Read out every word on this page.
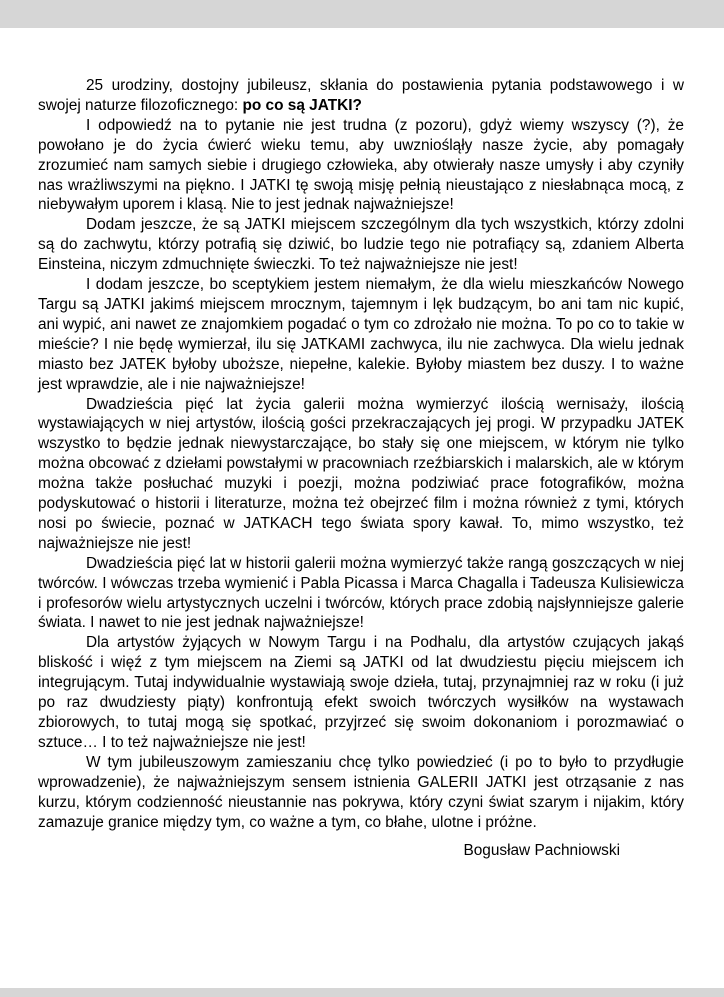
25 urodziny, dostojny jubileusz, skłania do postawienia pytania podstawowego i w swojej naturze filozoficznego: po co są JATKI?

I odpowiedź na to pytanie nie jest trudna (z pozoru), gdyż wiemy wszyscy (?), że powołano je do życia ćwierć wieku temu, aby uwzniośląły nasze życie, aby pomagały zrozumieć nam samych siebie i drugiego człowieka, aby otwierały nasze umysły i aby czyniły nas wrażliwszymi na piękno. I JATKI tę swoją misję pełnią nieustająco z niesłabnąca mocą, z niebywałym uporem i klasą. Nie to jest jednak najważniejsze!

Dodam jeszcze, że są JATKI miejscem szczególnym dla tych wszystkich, którzy zdolni są do zachwytu, którzy potrafią się dziwić, bo ludzie tego nie potrafiący są, zdaniem Alberta Einsteina, niczym zdmuchnięte świeczki. To też najważniejsze nie jest!

I dodam jeszcze, bo sceptykiem jestem niemałym, że dla wielu mieszkańców Nowego Targu są JATKI jakimś miejscem mrocznym, tajemnym i lęk budzącym, bo ani tam nic kupić, ani wypić, ani nawet ze znajomkiem pogadać o tym co zdrożało nie można. To po co to takie w mieście? I nie będę wymierzał, ilu się JATKAMI zachwyca, ilu nie zachwyca. Dla wielu jednak miasto bez JATEK byłoby uboższe, niepełne, kalekie. Byłoby miastem bez duszy. I to ważne jest wprawdzie, ale i nie najważniejsze!

Dwadzieścia pięć lat życia galerii można wymierzyć ilością wernisaży, ilością wystawiających w niej artystów, ilością gości przekraczających jej progi. W przypadku JATEK wszystko to będzie jednak niewystarczające, bo stały się one miejscem, w którym nie tylko można obcować z dziełami powstałymi w pracowniach rzeźbiarskich i malarskich, ale w którym można także posłuchać muzyki i poezji, można podziwiać prace fotografików, można podyskutować o historii i literaturze, można też obejrzeć film i można również z tymi, których nosi po świecie, poznać w JATKACH tego świata spory kawał. To, mimo wszystko, też najważniejsze nie jest!

Dwadzieścia pięć lat w historii galerii można wymierzyć także rangą goszczących w niej twórców. I wówczas trzeba wymienić i Pabla Picassa i Marca Chagalla i Tadeusza Kulisiewicza i profesorów wielu artystycznych uczelni i twórców, których prace zdobią najsłynniejsze galerie świata. I nawet to nie jest jednak najważniejsze!

Dla artystów żyjących w Nowym Targu i na Podhalu, dla artystów czujących jakąś bliskość i więź z tym miejscem na Ziemi są JATKI od lat dwudziestu pięciu miejscem ich integrującym. Tutaj indywidualnie wystawiają swoje dzieła, tutaj, przynajmniej raz w roku (i już po raz dwudziesty piąty) konfrontują efekt swoich twórczych wysiłków na wystawach zbiorowych, to tutaj mogą się spotkać, przyjrzeć się swoim dokonaniom i porozmawiać o sztuce… I to też najważniejsze nie jest!

W tym jubileuszowym zamieszaniu chcę tylko powiedzieć (i po to było to przydługie wprowadzenie), że najważniejszym sensem istnienia GALERII JATKI jest otrząsanie z nas kurzu, którym codzienność nieustannie nas pokrywa, który czyni świat szarym i nijakim, który zamazuje granice między tym, co ważne a tym, co błahe, ulotne i próżne.

Bogusław Pachniowski
